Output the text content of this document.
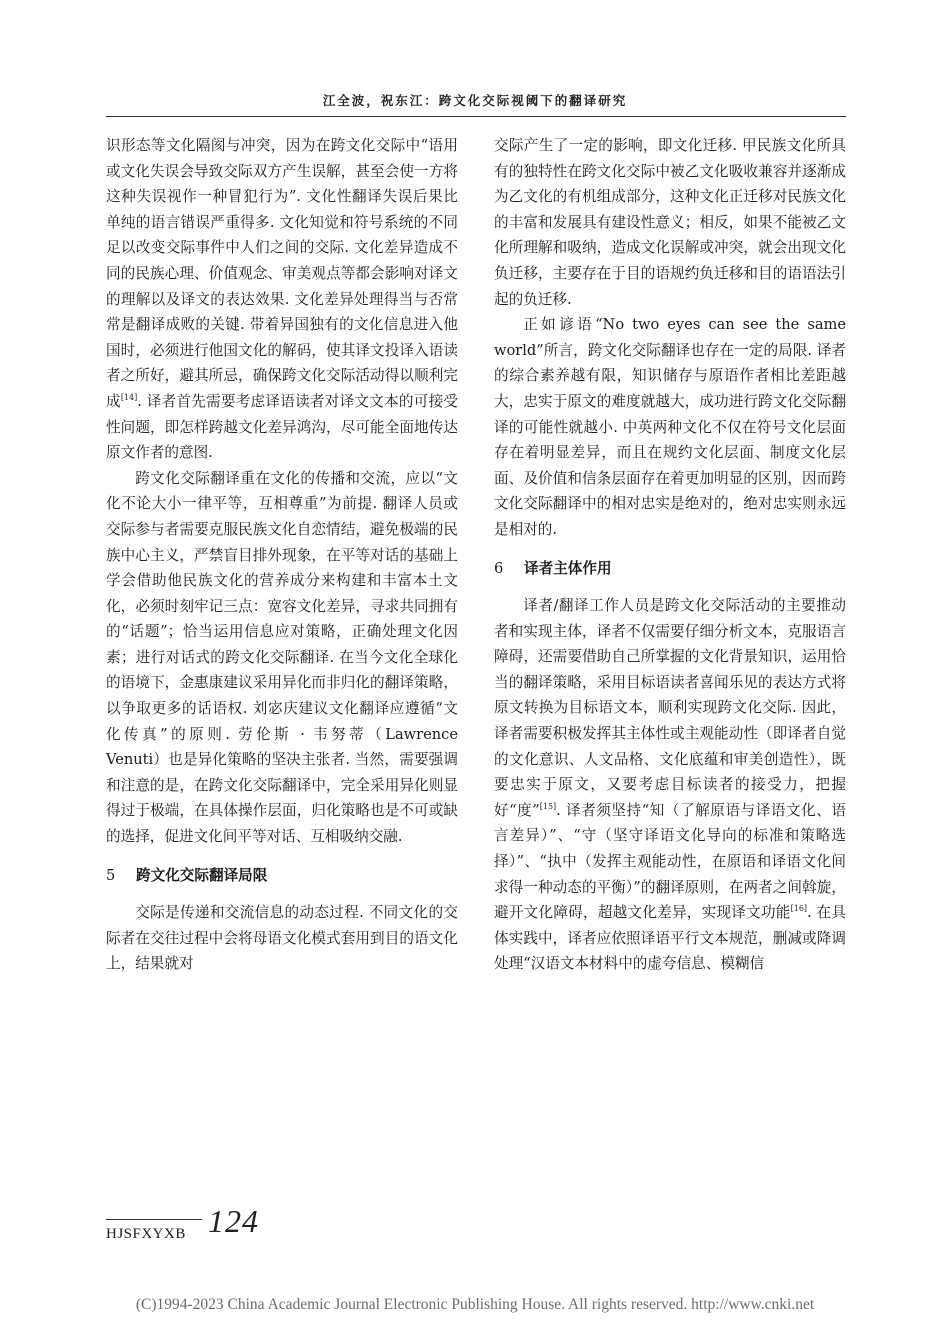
江全波，祝东江：跨文化交际视阈下的翻译研究

识形态等文化隔阂与冲突，因为在跨文化交际中“语用或文化失误会导致交际双方产生误解，甚至会使一方将这种失误视作一种冒犯行为”. 文化性翻译失误后果比单纯的语言错误严重得多. 文化知觉和符号系统的不同足以改变交际事件中人们之间的交际. 文化差异造成不同的民族心理、价值观念、审美观点等都会影响对译文的理解以及译文的表达效果. 文化差异处理得当与否常常是翻译成败的关键. 带着异国独有的文化信息进入他国时，必须进行他国文化的解码，使其译文投译入语读者之所好，避其所忌，确保跨文化交际活动得以顺利完成[14]. 译者首先需要考虑译语读者对译文文本的可接受性问题，即怎样跨越文化差异鸿沟，尽可能全面地传达原文作者的意图.

跨文化交际翻译重在文化的传播和交流，应以“文化不论大小一律平等，互相尊重”为前提. 翻译人员或交际参与者需要克服民族文化自恋情结，避免极端的民族中心主义，严禁盲目排外现象，在平等对话的基础上学会借助他民族文化的营养成分来构建和丰富本土文化，必须时刻牢记三点：宽容文化差异，寻求共同拥有的“话题”；恰当运用信息应对策略，正确处理文化因素；进行对话式的跨文化交际翻译. 在当今文化全球化的语境下，金惠康建议采用异化而非归化的翻译策略，以争取更多的话语权. 刘宓庆建议文化翻译应遵循“文化传真”的原则. 劳伦斯 · 韦努蒂（Lawrence Venuti）也是异化策略的坚决主张者. 当然，需要强调和注意的是，在跨文化交际翻译中，完全采用异化则显得过于极端，在具体操作层面，归化策略也是不可或缺的选择，促进文化间平等对话、互相吸纳交融.

5 跨文化交际翻译局限

交际是传递和交流信息的动态过程. 不同文化的交际者在交往过程中会将母语文化模式套用到目的语文化上，结果就对

交际产生了一定的影响，即文化迁移. 甲民族文化所具有的独特性在跨文化交际中被乙文化吸收兼容并逐渐成为乙文化的有机组成部分，这种文化正迁移对民族文化的丰富和发展具有建设性意义；相反，如果不能被乙文化所理解和吸纳，造成文化误解或冲突，就会出现文化负迁移，主要存在于目的语规约负迁移和目的语语法引起的负迁移.

正如谚语“No two eyes can see the same world”所言，跨文化交际翻译也存在一定的局限. 译者的综合素养越有限，知识储存与原语作者相比差距越大，忠实于原文的难度就越大，成功进行跨文化交际翻译的可能性就越小. 中英两种文化不仅在符号文化层面存在着明显差异，而且在规约文化层面、制度文化层面、及价值和信条层面存在着更加明显的区别，因而跨文化交际翻译中的相对忠实是绝对的，绝对忠实则永远是相对的.

6 译者主体作用

译者/翻译工作人员是跨文化交际活动的主要推动者和实现主体，译者不仅需要仔细分析文本，克服语言障碍，还需要借助自己所掌握的文化背景知识，运用恰当的翻译策略，采用目标语读者喜闻乐见的表达方式将原文转换为目标语文本，顺利实现跨文化交际. 因此，译者需要积极发挥其主体性或主观能动性（即译者自觉的文化意识、人文品格、文化底蕴和审美创造性），既要忠实于原文，又要考虑目标读者的接受力，把握好“度”[15]. 译者须坚持“知（了解原语与译语文化、语言差异）”、“守（坚守译语文化导向的标准和策略选择）”、“执中（发挥主观能动性，在原语和译语文化间求得一种动态的平衡）”的翻译原则，在两者之间斡旋，避开文化障碍，超越文化差异，实现译文功能[16]. 在具体实践中，译者应依照译语平行文本规范，删减或降调处理“汉语文本材料中的虚夸信息、模糊信

HJSFXYXB 124
(C)1994-2023 China Academic Journal Electronic Publishing House. All rights reserved. http://www.cnki.net
